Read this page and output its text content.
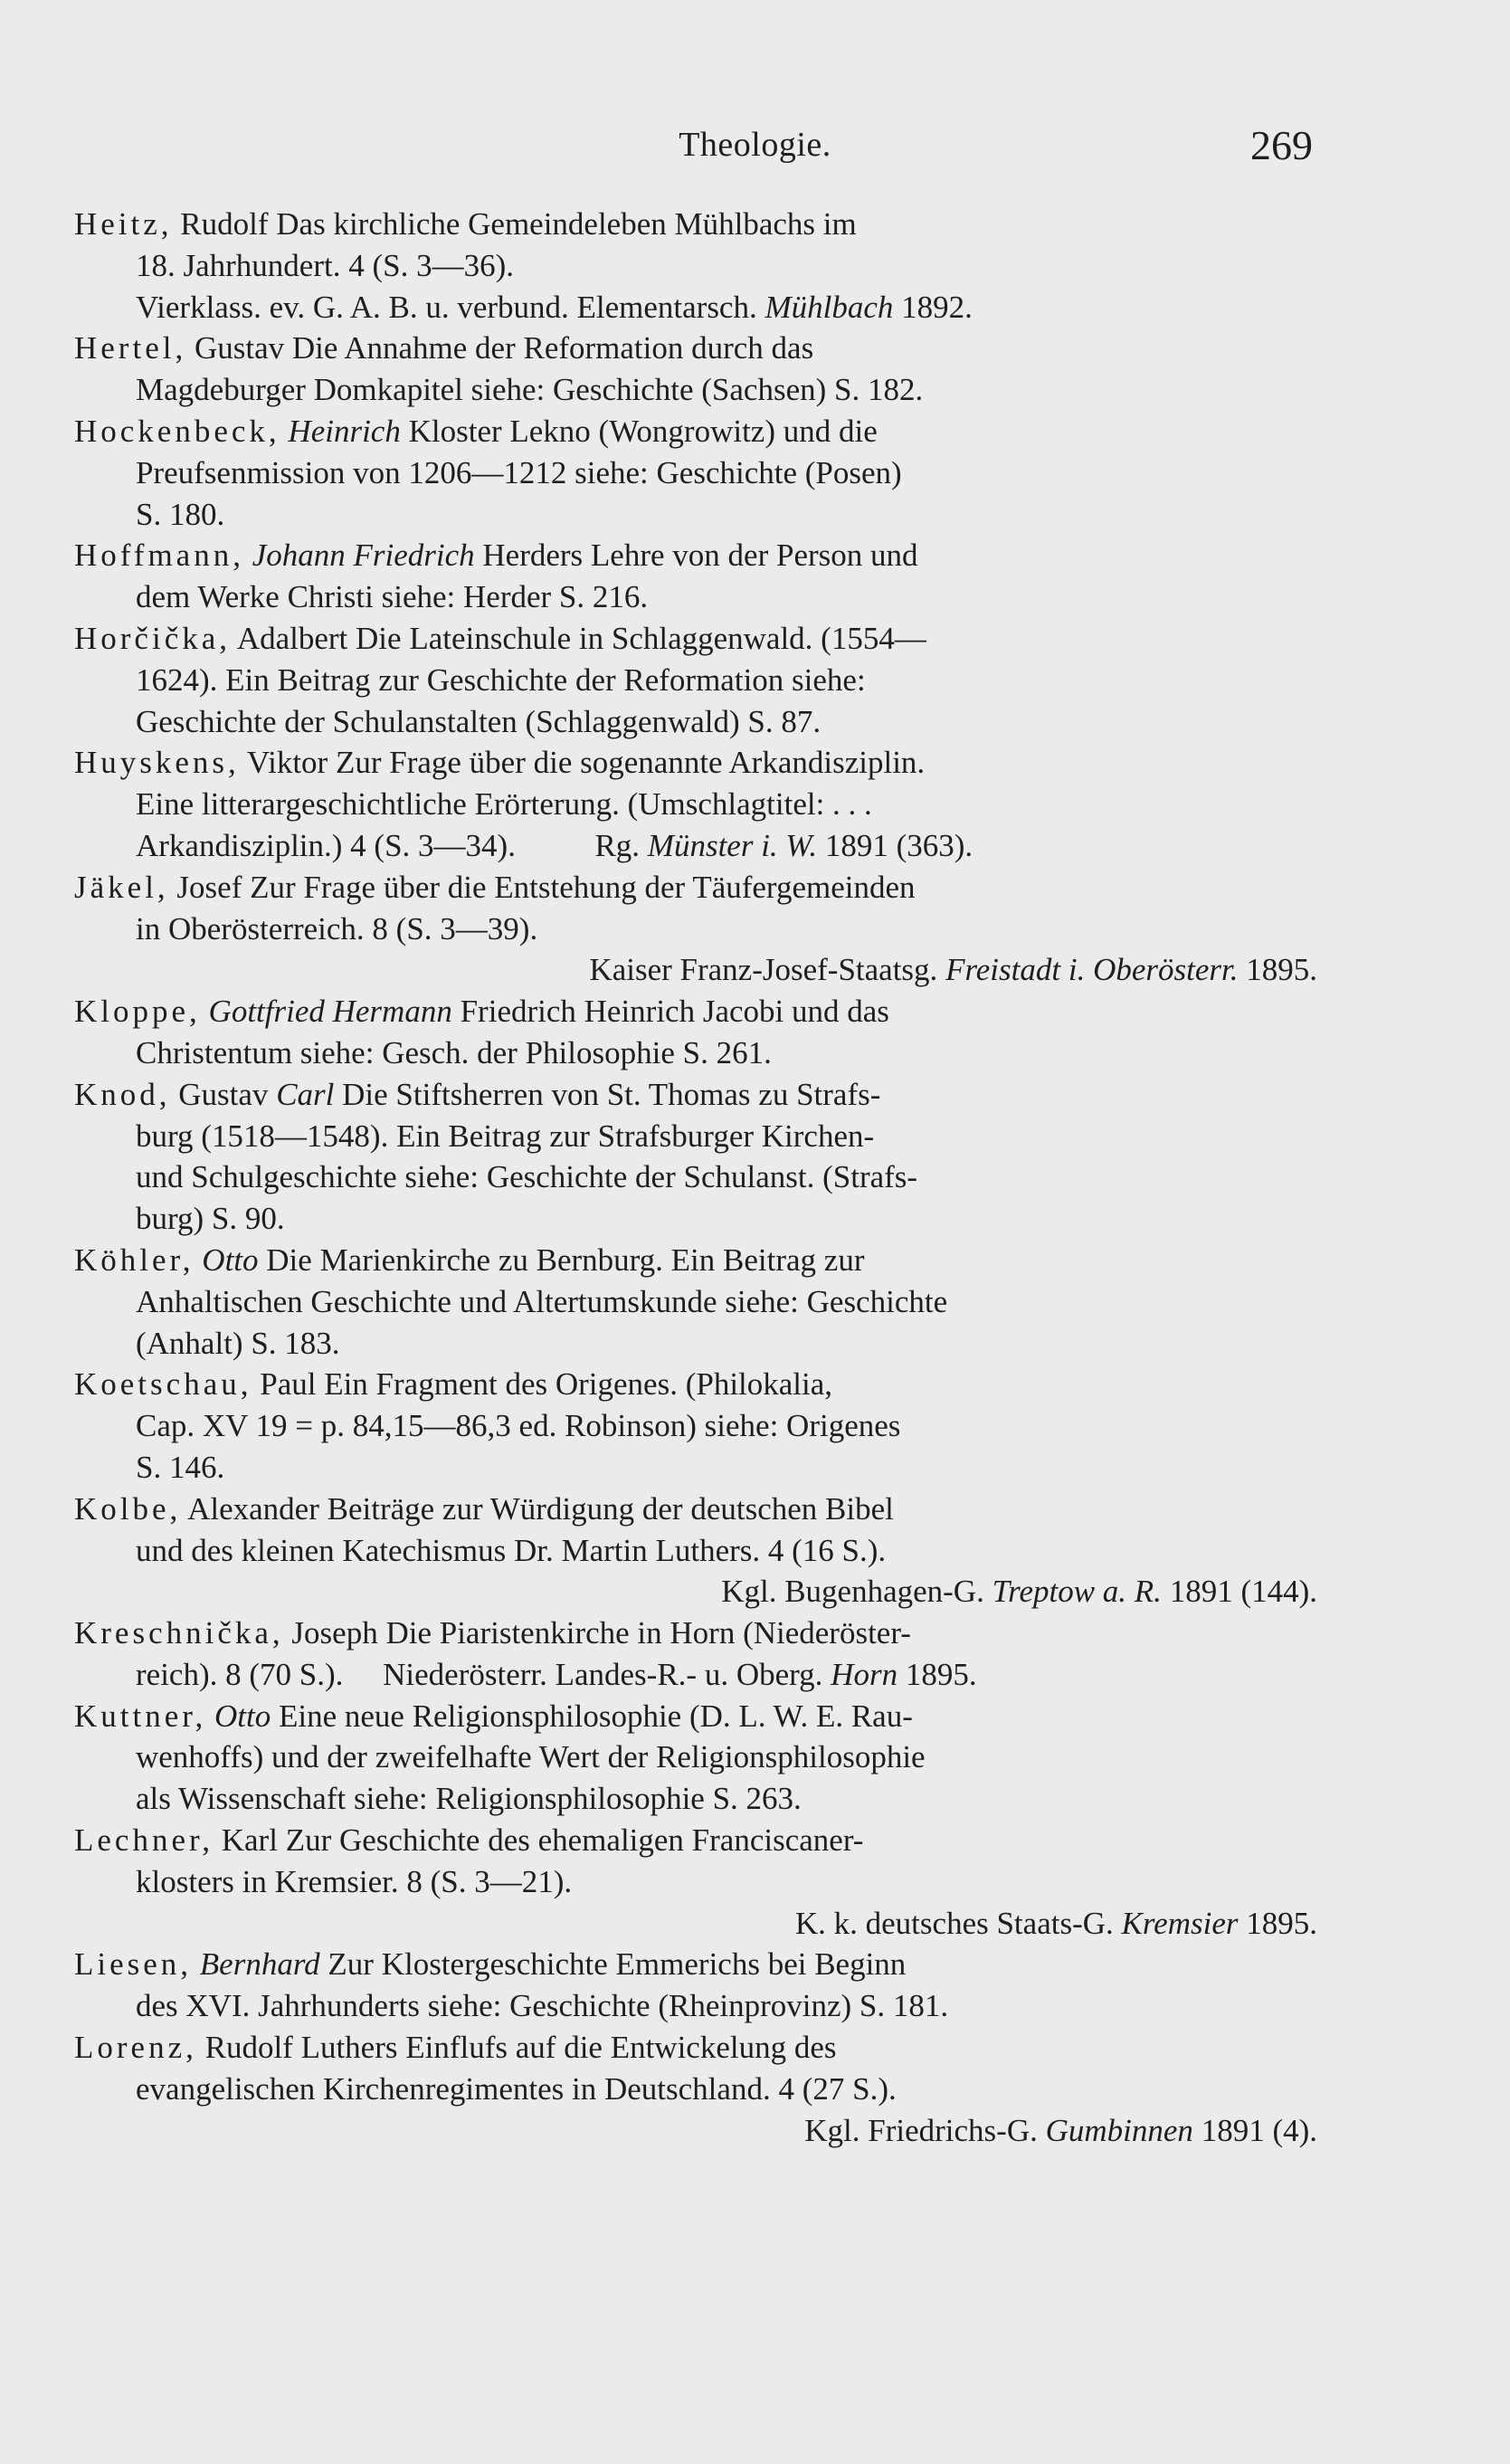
Theologie.	269
Heitz, Rudolf Das kirchliche Gemeindeleben Mühlbachs im
18. Jahrhundert. 4 (S. 3—36).
Vierklass. ev. G. A. B. u. verbund. Elementarsch. Mühlbach 1892.
Hertel, Gustav Die Annahme der Reformation durch das
Magdeburger Domkapitel siehe: Geschichte (Sachsen) S. 182.
Hockenbeck, Heinrich Kloster Lekno (Wongrowitz) und die
Preufsenmission von 1206—1212 siehe: Geschichte (Posen)
S. 180.
Hoffmann, Johann Friedrich Herders Lehre von der Person und
dem Werke Christi siehe: Herder S. 216.
Horčička, Adalbert Die Lateinschule in Schlaggenwald. (1554—
1624). Ein Beitrag zur Geschichte der Reformation siehe:
Geschichte der Schulanstalten (Schlaggenwald) S. 87.
Huyskens, Viktor Zur Frage über die sogenannte Arkandisziplin.
Eine litterargeschichtliche Erörterung. (Umschlagtitel: . . .
Arkandisziplin.) 4 (S. 3—34).          Rg. Münster i. W. 1891 (363).
Jäkel, Josef Zur Frage über die Entstehung der Täufergemeinden
in Oberösterreich. 8 (S. 3—39).
Kaiser Franz-Josef-Staatsg. Freistadt i. Oberösterr. 1895.
Kloppe, Gottfried Hermann Friedrich Heinrich Jacobi und das
Christentum siehe: Gesch. der Philosophie S. 261.
Knod, Gustav Carl Die Stiftsherren von St. Thomas zu Strafs-
burg (1518—1548). Ein Beitrag zur Strafsburger Kirchen-
und Schulgeschichte siehe: Geschichte der Schulanst. (Strafs-
burg) S. 90.
Köhler, Otto Die Marienkirche zu Bernburg. Ein Beitrag zur
Anhaltischen Geschichte und Altertumskunde siehe: Geschichte
(Anhalt) S. 183.
Koetschau, Paul Ein Fragment des Origenes. (Philokalia,
Cap. XV 19 = p. 84,15—86,3 ed. Robinson) siehe: Origenes
S. 146.
Kolbe, Alexander Beiträge zur Würdigung der deutschen Bibel
und des kleinen Katechismus Dr. Martin Luthers. 4 (16 S.).
Kgl. Bugenhagen-G. Treptow a. R. 1891 (144).
Kreschnička, Joseph Die Piaristenkirche in Horn (Niederöster-
reich). 8 (70 S.).     Niederösterr. Landes-R.- u. Oberg. Horn 1895.
Kuttner, Otto Eine neue Religionsphilosophie (D. L. W. E. Rau-
wenhoffs) und der zweifelhafte Wert der Religionsphilosophie
als Wissenschaft siehe: Religionsphilosophie S. 263.
Lechner, Karl Zur Geschichte des ehemaligen Franciscaner-
klosters in Kremsier. 8 (S. 3—21).
K. k. deutsches Staats-G. Kremsier 1895.
Liesen, Bernhard Zur Klostergeschichte Emmerichs bei Beginn
des XVI. Jahrhunderts siehe: Geschichte (Rheinprovinz) S. 181.
Lorenz, Rudolf Luthers Einflufs auf die Entwickelung des
evangelischen Kirchenregimentes in Deutschland. 4 (27 S.).
Kgl. Friedrichs-G. Gumbinnen 1891 (4).
